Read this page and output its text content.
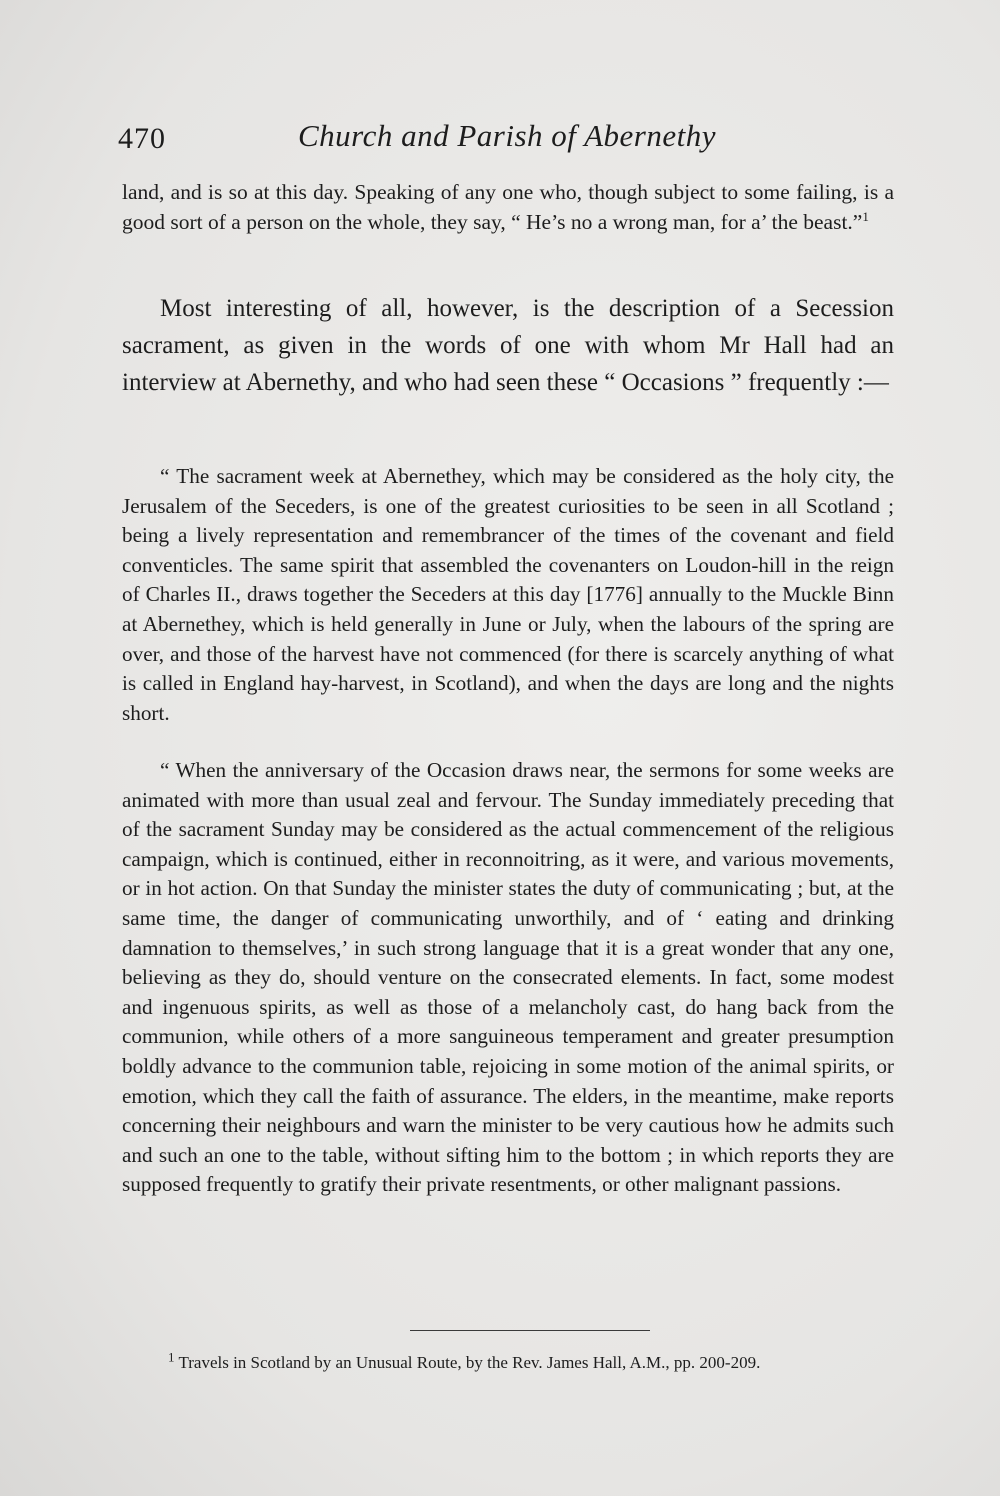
470	Church and Parish of Abernethy

land, and is so at this day. Speaking of any one who, though subject to some failing, is a good sort of a person on the whole, they say, “ He’s no a wrong man, for a’ the beast.”$^1$

Most interesting of all, however, is the description of a Secession sacrament, as given in the words of one with whom Mr Hall had an interview at Abernethy, and who had seen these “ Occasions ” frequently :—

“ The sacrament week at Abernethey, which may be considered as the holy city, the Jerusalem of the Seceders, is one of the greatest curiosities to be seen in all Scotland ; being a lively representation and remembrancer of the times of the covenant and field conventicles. The same spirit that assembled the covenanters on Loudon-hill in the reign of Charles II., draws together the Seceders at this day [1776] annually to the Muckle Binn at Abernethey, which is held generally in June or July, when the labours of the spring are over, and those of the harvest have not commenced (for there is scarcely anything of what is called in England hay-harvest, in Scotland), and when the days are long and the nights short.

“ When the anniversary of the Occasion draws near, the sermons for some weeks are animated with more than usual zeal and fervour. The Sunday immediately preceding that of the sacrament Sunday may be considered as the actual commencement of the religious campaign, which is continued, either in reconnoitring, as it were, and various movements, or in hot action. On that Sunday the minister states the duty of communicating ; but, at the same time, the danger of communicating unworthily, and of ‘ eating and drinking damnation to themselves,’ in such strong language that it is a great wonder that any one, believing as they do, should venture on the consecrated elements. In fact, some modest and ingenuous spirits, as well as those of a melancholy cast, do hang back from the communion, while others of a more sanguineous temperament and greater presumption boldly advance to the communion table, rejoicing in some motion of the animal spirits, or emotion, which they call the faith of assurance. The elders, in the meantime, make reports concerning their neighbours and warn the minister to be very cautious how he admits such and such an one to the table, without sifting him to the bottom ; in which reports they are supposed frequently to gratify their private resentments, or other malignant passions.

$^1$ Travels in Scotland by an Unusual Route, by the Rev. James Hall, A.M., pp. 200-209.
